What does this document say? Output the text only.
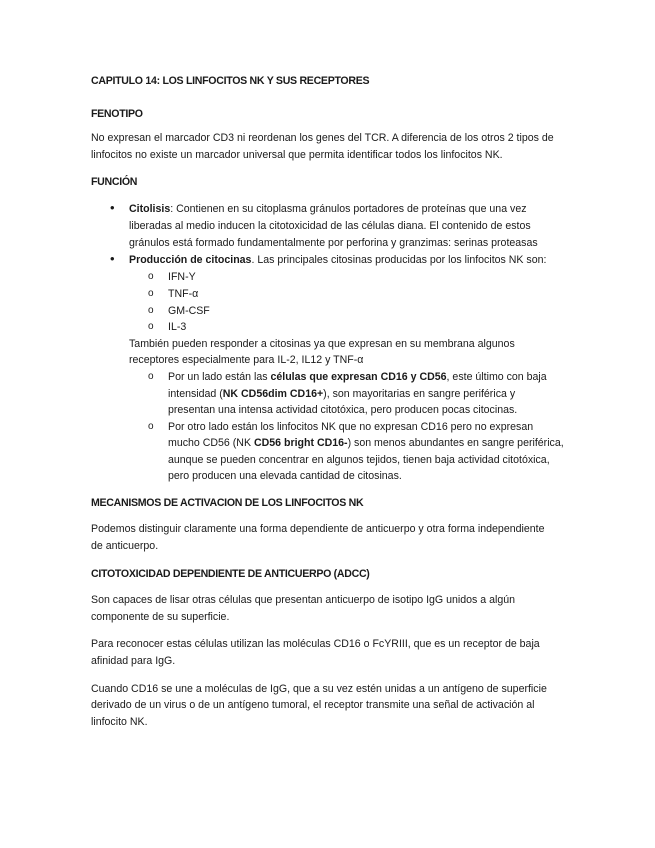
CAPITULO 14: LOS LINFOCITOS NK Y SUS RECEPTORES
FENOTIPO
No expresan el marcador CD3 ni reordenan los genes del TCR. A diferencia de los otros 2 tipos de
linfocitos no existe un marcador universal que permita identificar todos los linfocitos NK.
FUNCIÓN
• Citolisis: Contienen en su citoplasma gránulos portadores de proteínas que una vez
liberadas al medio inducen la citotoxicidad de las células diana. El contenido de estos
gránulos está formado fundamentalmente por perforina y granzimas: serinas proteasas
• Producción de citocinas. Las principales citosinas producidas por los linfocitos NK son:
o IFN-Y
o TNF-α
o GM-CSF
o IL-3
También pueden responder a citosinas ya que expresan en su membrana algunos
receptores especialmente para IL-2, IL12 y TNF-α
o Por un lado están las células que expresan CD16 y CD56, este último con baja
intensidad (NK CD56dim CD16+), son mayoritarias en sangre periférica y
presentan una intensa actividad citotóxica, pero producen pocas citocinas.
o Por otro lado están los linfocitos NK que no expresan CD16 pero no expresan
mucho CD56 (NK CD56 bright CD16-) son menos abundantes en sangre periférica,
aunque se pueden concentrar en algunos tejidos, tienen baja actividad citotóxica,
pero producen una elevada cantidad de citosinas.
MECANISMOS DE ACTIVACION DE LOS LINFOCITOS NK
Podemos distinguir claramente una forma dependiente de anticuerpo y otra forma independiente
de anticuerpo.
CITOTOXICIDAD DEPENDIENTE DE ANTICUERPO (ADCC)
Son capaces de lisar otras células que presentan anticuerpo de isotipo IgG unidos a algún
componente de su superficie.
Para reconocer estas células utilizan las moléculas CD16 o FcYRIII, que es un receptor de baja
afinidad para IgG.
Cuando CD16 se une a moléculas de IgG, que a su vez estén unidas a un antígeno de superficie
derivado de un virus o de un antígeno tumoral, el receptor transmite una señal de activación al
linfocito NK.
